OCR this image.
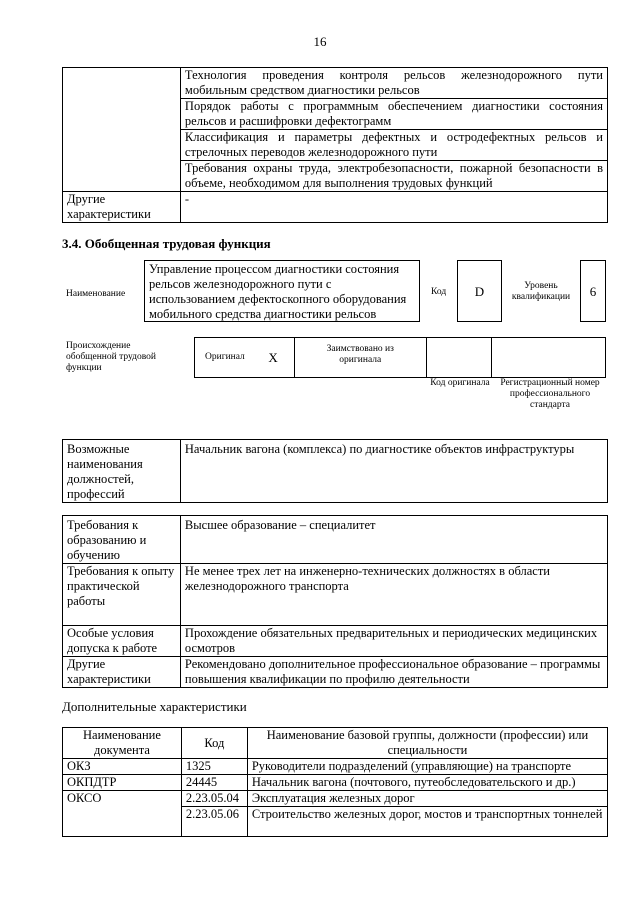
16
	Технология проведения контроля рельсов железнодорожного пути мобильным средством диагностики рельсов
	Порядок работы с программным обеспечением диагностики состояния рельсов и расшифровки дефектограмм
	Классификация и параметры дефектных и остродефектных рельсов и стрелочных переводов железнодорожного пути
	Требования охраны труда, электробезопасности, пожарной безопасности в объеме, необходимом для выполнения трудовых функций
Другие характеристики	-
3.4. Обобщенная трудовая функция
Наименование
Управление процессом диагностики состояния рельсов железнодорожного пути с использованием дефектоскопного оборудования мобильного средства диагностики рельсов
Код	D	Уровень квалификации	6
Происхождение обобщенной трудовой функции
Оригинал	X	Заимствовано из оригинала		
Код оригинала Регистрационный номер профессионального стандарта
Возможные наименования должностей, профессий	Начальник вагона (комплекса) по диагностике объектов инфраструктуры
Требования к образованию и обучению	Высшее образование – специалитет
Требования к опыту практической работы	Не менее трех лет на инженерно-технических должностях в области железнодорожного транспорта
Особые условия допуска к работе	Прохождение обязательных предварительных и периодических медицинских осмотров
Другие характеристики	Рекомендовано дополнительное профессиональное образование – программы повышения квалификации по профилю деятельности
Дополнительные характеристики
Наименование документа	Код	Наименование базовой группы, должности (профессии) или специальности
ОКЗ	1325	Руководители подразделений (управляющие) на транспорте
ОКПДТР	24445	Начальник вагона (почтового, путеобследовательского и др.)
ОКСО	2.23.05.04	Эксплуатация железных дорог
	2.23.05.06	Строительство железных дорог, мостов и транспортных тоннелей
